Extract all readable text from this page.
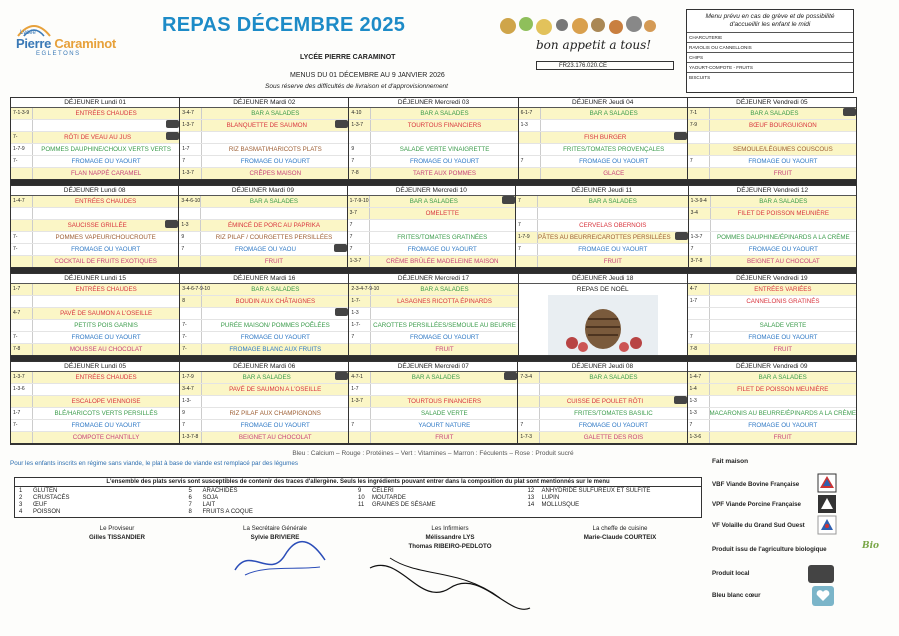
Lycée
Pierre Caraminot
EGLETONS
REPAS DÉCEMBRE 2025
LYCÉE PIERRE CARAMINOT
MENUS DU 01 DÉCEMBRE AU 9 JANVIER 2026
Sous réserve des difficultés de livraison et d'approvisionnement
bon appetit a tous!
FR23.176.020.CE
Menu prévu en cas de grève et de possibilité d'accueillir les enfant le midi
CHARCUTERIE
RAVIOLIS OU CANNELLONIS
CHIPS
YAOURT-COMPOTE - FRUITS
BISCUITS
DÉJEUNER Lundi 01
7-1-3-9	ENTRÉES CHAUDES
7-	RÔTI DE VEAU AU JUS
1-7-9	POMMES DAUPHINE/CHOUX VERTS VERTS
7-	FROMAGE OU YAOURT
FLAN NAPPÉ CARAMEL
DÉJEUNER Mardi 02
3-4-7	BAR A SALADES
1-3-7	BLANQUETTE DE SAUMON
1-7	RIZ BASMATI/HARICOTS PLATS
7	FROMAGE OU YAOURT
1-3-7	CRÊPES MAISON
DÉJEUNER Mercredi 03
4-10	BAR A SALADES
1-3-7	TOURTOUS FINANCIERS
9	SALADE VERTE VINAIGRETTE
7	FROMAGE OU YAOURT
7-8	TARTE AUX POMMES
DÉJEUNER Jeudi 04
6-1-7	BAR A SALADES
1-3
FISH BURGER
FRITES/TOMATES PROVENÇALES
7	FROMAGE OU YAOURT
GLACE
DÉJEUNER Vendredi 05
7-1	BAR A SALADES
7-9	BŒUF BOURGUIGNON
SEMOULE/LÉGUMES COUSCOUS
7	FROMAGE OU YAOURT
FRUIT
DÉJEUNER Lundi 08
1-4-7	ENTRÉES CHAUDES
SAUCISSE GRILLÉE
7-	POMMES VAPEUR/CHOUCROUTE
7-	FROMAGE OU YAOURT
COCKTAIL DE FRUITS EXOTIQUES
DÉJEUNER Mardi 09
3-4-6-10	BAR A SALADES
1-3	ÉMINCÉ DE PORC AU PAPRIKA
9	RIZ PILAF / COURGETTES PERSILLÉES
7	FROMAGE OU YAOU
FRUIT
DÉJEUNER Mercredi 10
1-7-9-10	BAR A SALADES
3-7	OMELETTE
7
7	FRITES/TOMATES GRATINÉES
7	FROMAGE OU YAOURT
1-3-7	CRÈME BRÛLÉE MADELEINE MAISON
DÉJEUNER Jeudi 11
7	BAR A SALADES
7	CERVELAS OBERNOIS
1-7-9	PÂTES AU BEURRE/CAROTTES PERSILLÉES
7	FROMAGE OU YAOURT
FRUIT
DÉJEUNER Vendredi 12
1-3-9-4	BAR A SALADES
3-4	FILET DE POISSON MEUNIÈRE
1-3-7	POMMES DAUPHINE/ÉPINARDS A LA CRÈME
7	FROMAGE OU YAOURT
3-7-8	BEIGNET AU CHOCOLAT
DÉJEUNER Lundi 15
1-7	ENTRÉES CHAUDES
4-7	PAVÉ DE SAUMON A L'OSEILLE
PETITS POIS GARNIS
7-	FROMAGE OU YAOURT
7-8	MOUSSE AU CHOCOLAT
DÉJEUNER Mardi 16
3-4-6-7-9-10	BAR A SALADES
8	BOUDIN AUX CHÂTAIGNES
7-	PURÉE MAISON/ POMMES POÊLÉES
7-	FROMAGE OU YAOURT
7-	FROMAGE BLANC AUX FRUITS
DÉJEUNER Mercredi 17
2-3-4-7-9-10	BAR A SALADES
1-7-	LASAGNES RICOTTA ÉPINARDS
1-3
1-7-	CAROTTES PERSILLÉES/SEMOULE AU BEURRE
7	FROMAGE OU YAOURT
FRUIT
DÉJEUNER Jeudi 18
REPAS DE NOËL
DÉJEUNER Vendredi 19
4-7	ENTRÉES VARIÉES
1-7	CANNELONIS GRATINÉS
SALADE VERTE
7	FROMAGE OU YAOURT
7-8	FRUIT
DÉJEUNER Lundi 05
1-3-7	ENTRÉES CHAUDES
1-3-6
ESCALOPE VIENNOISE
1-7	BLÉ/HARICOTS VERTS PERSILLÉS
7-	FROMAGE OU YAOURT
COMPOTE CHANTILLY
DÉJEUNER Mardi 06
1-7-9	BAR A SALADES
3-4-7	PAVÉ DE SAUMON A L'OSEILLE
1-3-
9	RIZ PILAF AUX CHAMPIGNONS
7	FROMAGE OU YAOURT
1-3-7-8	BEIGNET AU CHOCOLAT
DÉJEUNER Mercredi 07
4-7-1	BAR A SALADES
1-7
1-3-7	TOURTOUS FINANCIERS
SALADE VERTE
7	YAOURT NATURE
FRUIT
DÉJEUNER Jeudi 08
7-3-4	BAR A SALADES
CUISSE DE POULET RÔTI
FRITES/TOMATES BASILIC
7	FROMAGE OU YAOURT
1-7-3	GALETTE DES ROIS
DÉJEUNER Vendredi 09
1-4-7	BAR A SALADES
1-4	FILET DE POISSON MEUNIÈRE
1-3
1-3	MACARONIS AU BEURRE/ÉPINARDS A LA CRÈME
7	FROMAGE OU YAOURT
1-3-6	FRUIT
Bleu : Calcium – Rouge : Protéines – Vert : Vitamines – Marron : Féculents – Rose : Produit sucré
Pour les enfants inscrits en régime sans viande, le plat à base de viande est remplacé par des légumes
L'ensemble des plats servis sont susceptibles de contenir des traces d'allergène. Seuls les ingrédients pouvant entrer dans la composition du plat sont mentionnés sur le menu
1 GLUTEN
2 CRUSTACÉS
3 ŒUF
4 POISSON
5 ARACHIDES
6 SOJA
7 LAIT
8 FRUITS A COQUE
9 CÉLERI
10 MOUTARDE
11 GRAINES DE SÉSAME
12 ANHYDRIDE SULFUREUX ET SULFITE
13 LUPIN
14 MOLLUSQUE
Le Proviseur
Gilles TISSANDIER
La Secrétaire Générale
Sylvie BRIVIERE
Les Infirmiers
Mélissandre LYS
Thomas RIBEIRO-PEDLOTO
La cheffe de cuisine
Marie-Claude COURTEIX
Fait maison
VBF Viande Bovine Française
VPF Viande Porcine Française
VF Volaille du Grand Sud Ouest
Produit issu de l'agriculture biologique	Bio
Produit local
Bleu blanc cœur
